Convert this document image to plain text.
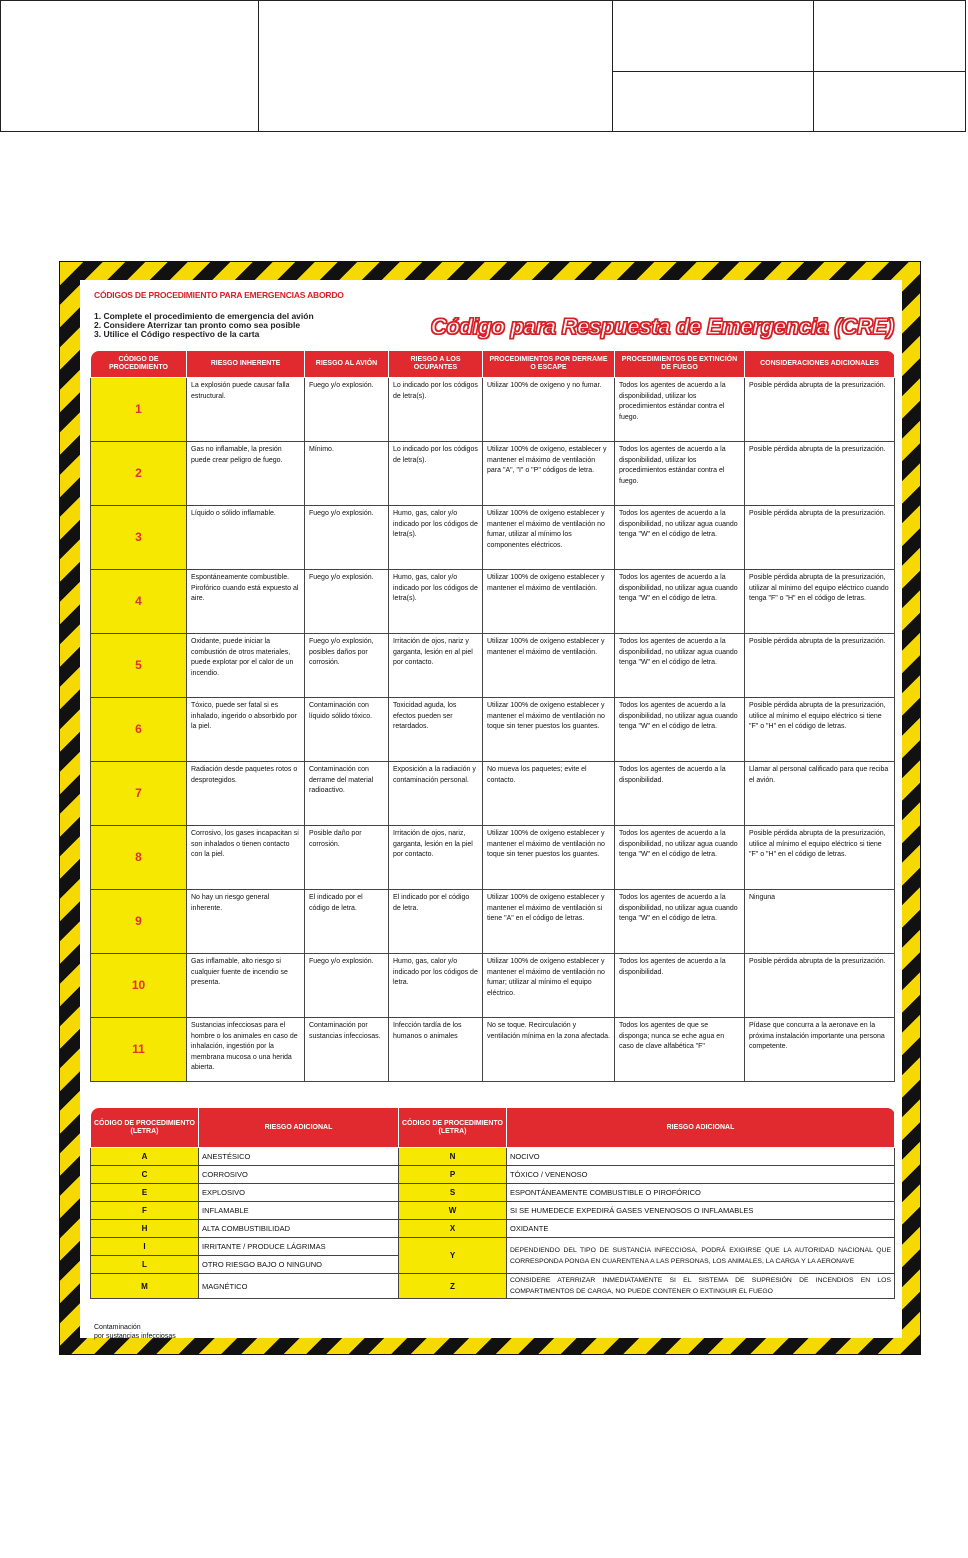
CÓDIGOS DE PROCEDIMIENTO PARA EMERGENCIAS ABORDO
1. Complete el procedimiento de emergencia del avión
2. Considere Aterrizar tan pronto como sea posible
3. Utilice el Código respectivo de la carta	Código para Respuesta de Emergencia (CRE)
CÓDIGO DE PROCEDIMIENTO	RIESGO INHERENTE	RIESGO AL AVIÓN	RIESGO A LOS OCUPANTES	PROCEDIMIENTOS POR DERRAME O ESCAPE	PROCEDIMIENTOS DE EXTINCIÓN DE FUEGO	CONSIDERACIONES ADICIONALES
1	La explosión puede causar falla estructural.	Fuego y/o explosión.	Lo indicado por los códigos de letra(s).	Utilizar 100% de oxígeno y no fumar.	Todos los agentes de acuerdo a la disponibilidad, utilizar los procedimientos estándar contra el fuego.	Posible pérdida abrupta de la presurización.
2	Gas no inflamable, la presión puede crear peligro de fuego.	Mínimo.	Lo indicado por los códigos de letra(s).	Utilizar 100% de oxígeno, establecer y mantener el máximo de ventilación para "A", "I" o "P" códigos de letra.	Todos los agentes de acuerdo a la disponibilidad, utilizar los procedimientos estándar contra el fuego.	Posible pérdida abrupta de la presurización.
3	Líquido o sólido inflamable.	Fuego y/o explosión.	Humo, gas, calor y/o indicado por los códigos de letra(s).	Utilizar 100% de oxígeno establecer y mantener el máximo de ventilación no fumar, utilizar al mínimo los componentes eléctricos.	Todos los agentes de acuerdo a la disponibilidad, no utilizar agua cuando tenga "W" en el código de letra.	Posible pérdida abrupta de la presurización.
4	Espontáneamente combustible. Pirofórico cuando está expuesto al aire.	Fuego y/o explosión.	Humo, gas, calor y/o indicado por los códigos de letra(s).	Utilizar 100% de oxígeno establecer y mantener el máximo de ventilación.	Todos los agentes de acuerdo a la disponibilidad, no utilizar agua cuando tenga "W" en el código de letra.	Posible pérdida abrupta de la presurización, utilizar al mínimo del equipo eléctrico cuando tenga "F" o "H" en el código de letras.
5	Oxidante, puede iniciar la combustión de otros materiales, puede explotar por el calor de un incendio.	Fuego y/o explosión, posibles daños por corrosión.	Irritación de ojos, nariz y garganta, lesión en al piel por contacto.	Utilizar 100% de oxígeno establecer y mantener el máximo de ventilación.	Todos los agentes de acuerdo a la disponibilidad, no utilizar agua cuando tenga "W" en el código de letra.	Posible pérdida abrupta de la presurización.
6	Tóxico, puede ser fatal si es inhalado, ingerido o absorbido por la piel.	Contaminación con líquido sólido tóxico.	Toxicidad aguda, los efectos pueden ser retardados.	Utilizar 100% de oxígeno establecer y mantener el máximo de ventilación no toque sin tener puestos los guantes.	Todos los agentes de acuerdo a la disponibilidad, no utilizar agua cuando tenga "W" en el código de letra.	Posible pérdida abrupta de la presurización, utilice al mínimo el equipo eléctrico si tiene "F" o "H" en el código de letras.
7	Radiación desde paquetes rotos o desprotegidos.	Contaminación con derrame del material radioactivo.	Exposición a la radiación y contaminación personal.	No mueva los paquetes; evite el contacto.	Todos los agentes de acuerdo a la disponibilidad.	Llamar al personal calificado para que reciba el avión.
8	Corrosivo, los gases incapacitan si son inhalados o tienen contacto con la piel.	Posible daño por corrosión.	Irritación de ojos, nariz, garganta, lesión en la piel por contacto.	Utilizar 100% de oxígeno establecer y mantener el máximo de ventilación no toque sin tener puestos los guantes.	Todos los agentes de acuerdo a la disponibilidad, no utilizar agua cuando tenga "W" en el código de letra.	Posible pérdida abrupta de la presurización, utilice al mínimo el equipo eléctrico si tiene "F" o "H" en el código de letras.
9	No hay un riesgo general inherente.	El indicado por el código de letra.	El indicado por el código de letra.	Utilizar 100% de oxígeno establecer y mantener el máximo de ventilación si tiene "A" en el código de letras.	Todos los agentes de acuerdo a la disponibilidad, no utilizar agua cuando tenga "W" en el código de letra.	Ninguna
10	Gas inflamable, alto riesgo si cualquier fuente de incendio se presenta.	Fuego y/o explosión.	Humo, gas, calor y/o indicado por los códigos de letra.	Utilizar 100% de oxígeno establecer y mantener el máximo de ventilación no fumar; utilizar al mínimo el equipo eléctrico.	Todos los agentes de acuerdo a la disponibilidad.	Posible pérdida abrupta de la presurización.
11	Sustancias infecciosas para el hombre o los animales en caso de inhalación, ingestión por la membrana mucosa o una herida abierta.	Contaminación por sustancias infecciosas.	Infección tardía de los humanos o animales	No se toque. Recirculación y ventilación mínima en la zona afectada.	Todos los agentes de que se disponga; nunca se eche agua en caso de clave alfabética "F"	Pídase que concurra a la aeronave en la próxima instalación importante una persona competente.
CÓDIGO DE PROCEDIMIENTO (LETRA)	RIESGO ADICIONAL	CÓDIGO DE PROCEDIMIENTO (LETRA)	RIESGO ADICIONAL
A	ANESTÉSICO	N	NOCIVO
C	CORROSIVO	P	TÓXICO / VENENOSO
E	EXPLOSIVO	S	ESPONTÁNEAMENTE COMBUSTIBLE O PIROFÓRICO
F	INFLAMABLE	W	SI SE HUMEDECE EXPEDIRÁ GASES VENENOSOS O INFLAMABLES
H	ALTA COMBUSTIBILIDAD	X	OXIDANTE
I	IRRITANTE / PRODUCE LÁGRIMAS	Y	DEPENDIENDO DEL TIPO DE SUSTANCIA INFECCIOSA, PODRÁ EXIGIRSE QUE LA AUTORIDAD NACIONAL QUE CORRESPONDA PONGA EN CUARENTENA A LAS PERSONAS, LOS ANIMALES, LA CARGA Y LA AERONAVE
L	OTRO RIESGO BAJO O NINGUNO		
M	MAGNÉTICO	Z	CONSIDERE ATERRIZAR INMEDIATAMENTE SI EL SISTEMA DE SUPRESIÓN DE INCENDIOS EN LOS COMPARTIMENTOS DE CARGA, NO PUEDE CONTENER O EXTINGUIR EL FUEGO
Contaminación
por sustancias infecciosas
